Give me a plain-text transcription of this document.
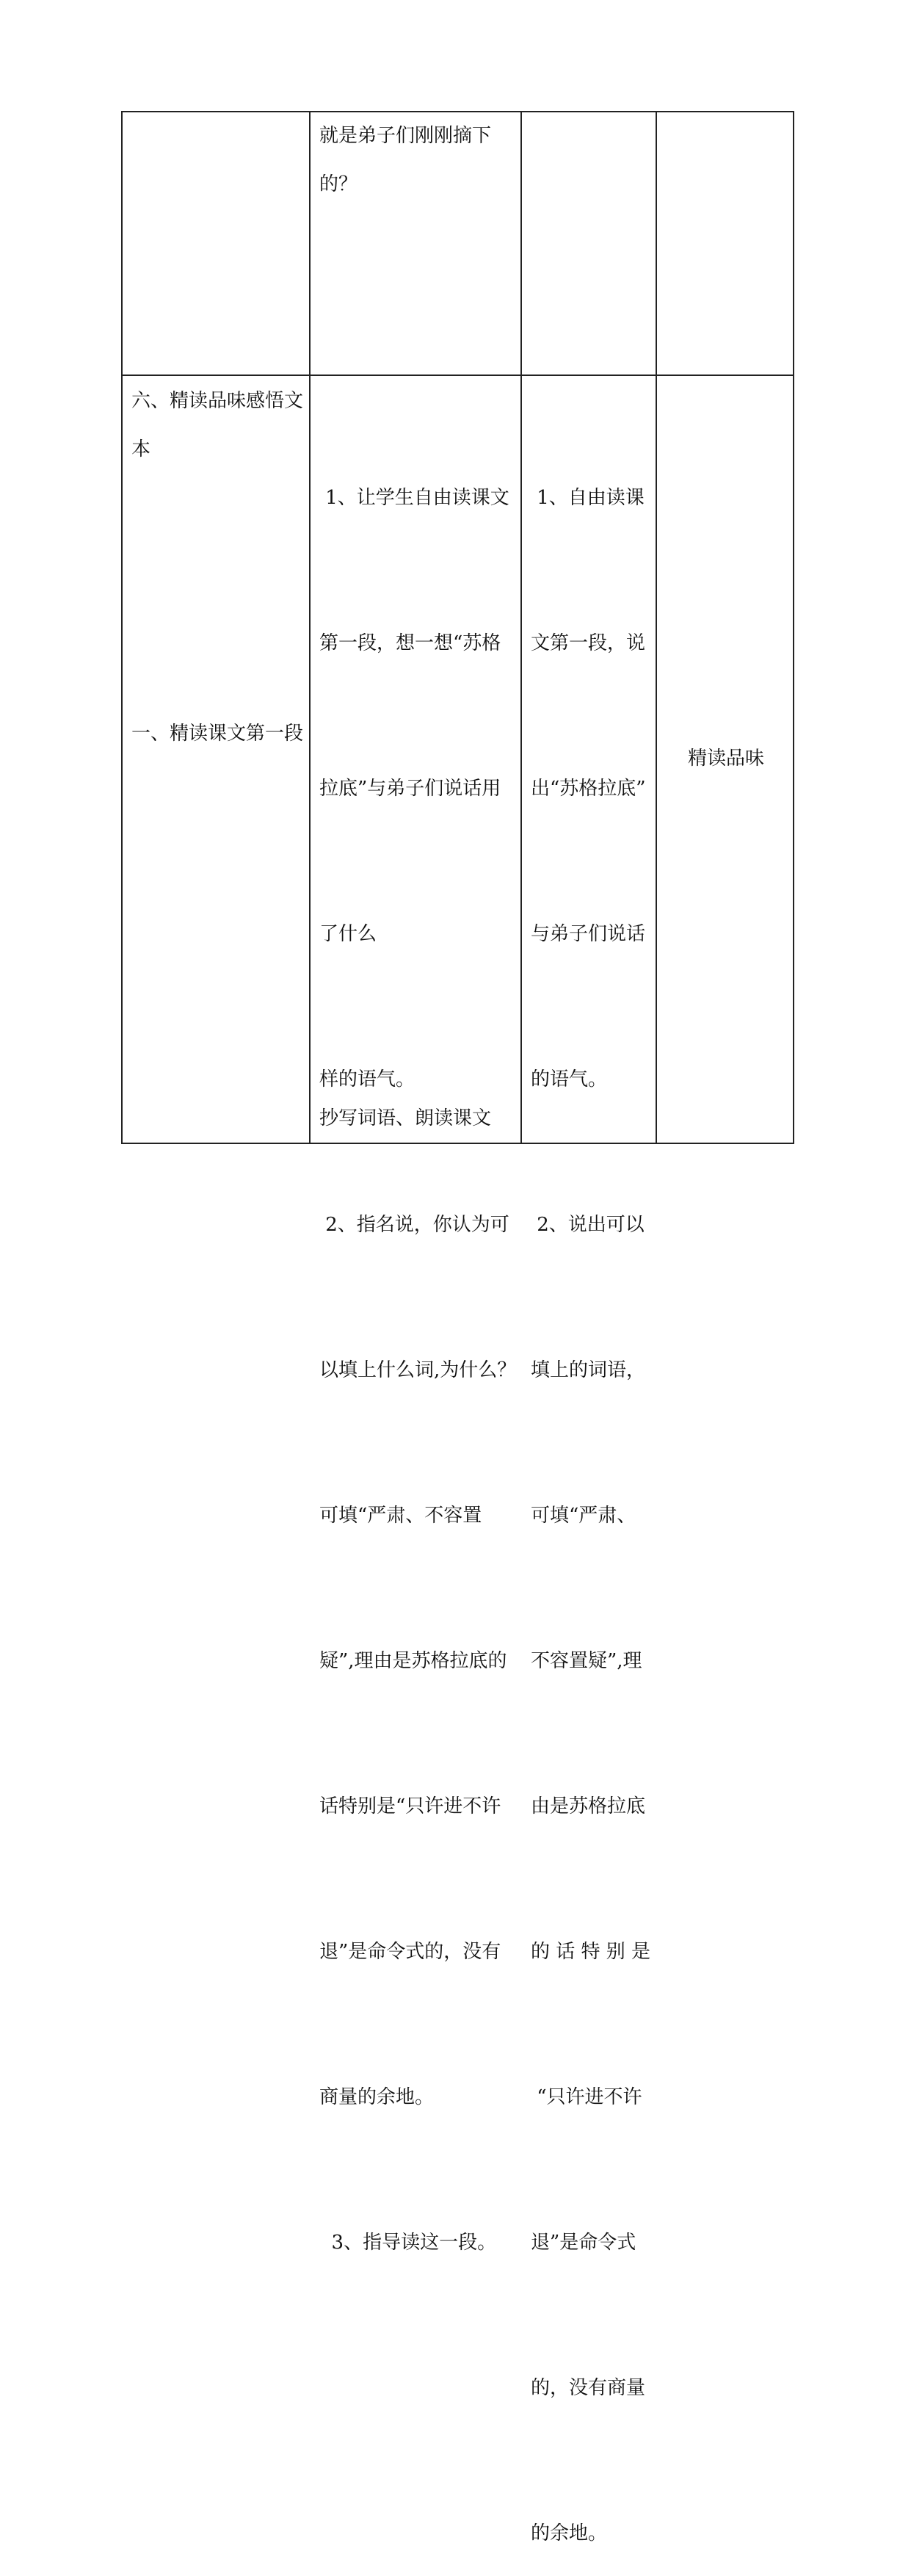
就是弟子们刚刚摘下
的？
六、精读品味感悟文
本
一、精读课文第一段

1、让学生自由读课文

第一段，想一想“苏格

拉底”与弟子们说话用

了什么

样的语气。

2、指名说，你认为可

以填上什么词,为什么？

可填“严肃、不容置

疑”,理由是苏格拉底的

话特别是“只许进不许

退”是命令式的，没有

商量的余地。

3、指导读这一段。

抄写词语、朗读课文

1、自由读课

文第一段，说

出“苏格拉底”

与弟子们说话

的语气。

2、说出可以

填上的词语，

可填“严肃、

不容置疑”,理

由是苏格拉底

的 话 特 别 是

“只许进不许

退”是命令式

的，没有商量

的余地。

精读品味
